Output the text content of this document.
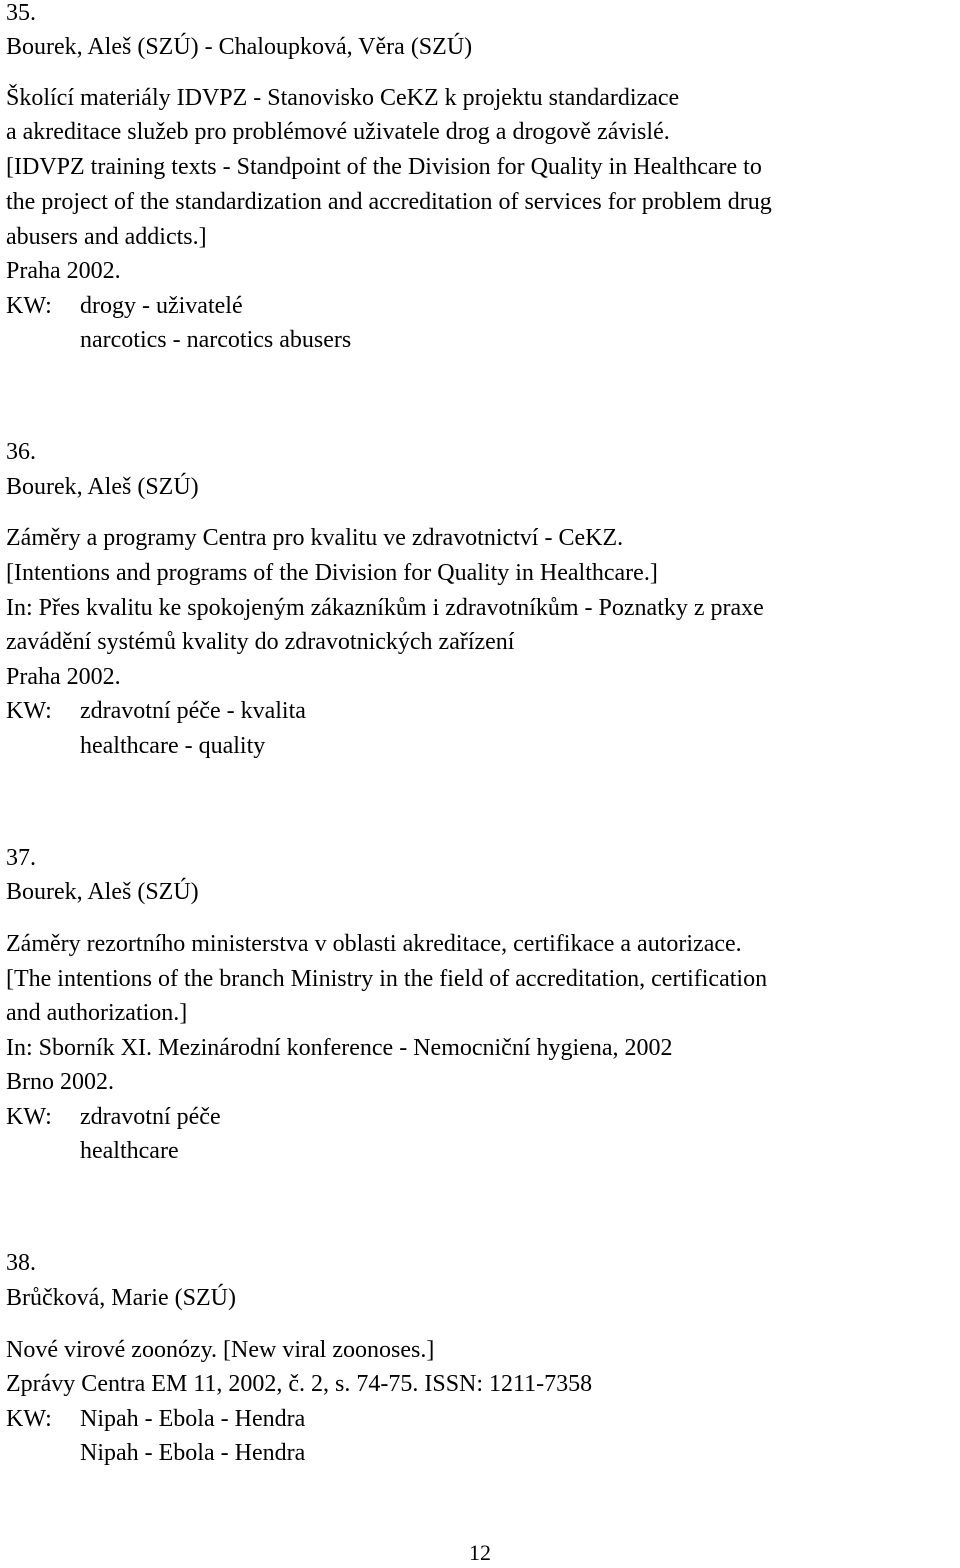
35.
Bourek, Aleš (SZÚ) - Chaloupková, Věra (SZÚ)
Školící materiály IDVPZ - Stanovisko CeKZ k projektu standardizace
a akreditace služeb pro problémové uživatele drog a drogově závislé.
[IDVPZ training texts - Standpoint of the Division for Quality in Healthcare to
the project of the standardization and accreditation of services for problem drug
abusers and addicts.]
Praha 2002.
KW: drogy - uživatelé
narcotics - narcotics abusers
36.
Bourek, Aleš (SZÚ)
Záměry a programy Centra pro kvalitu ve zdravotnictví - CeKZ.
[Intentions and programs of the Division for Quality in Healthcare.]
In: Přes kvalitu ke spokojeným zákazníkům i zdravotníkům - Poznatky z praxe
zavádění systémů kvality do zdravotnických zařízení
Praha 2002.
KW: zdravotní péče - kvalita
healthcare - quality
37.
Bourek, Aleš (SZÚ)
Záměry rezortního ministerstva v oblasti akreditace, certifikace a autorizace.
[The intentions of the branch Ministry in the field of accreditation, certification
and authorization.]
In: Sborník XI. Mezinárodní konference - Nemocniční hygiena, 2002
Brno 2002.
KW: zdravotní péče
healthcare
38.
Brůčková, Marie (SZÚ)
Nové virové zoonózy. [New viral zoonoses.]
Zprávy Centra EM 11, 2002, č. 2, s. 74-75. ISSN: 1211-7358
KW: Nipah - Ebola - Hendra
Nipah - Ebola - Hendra
12
